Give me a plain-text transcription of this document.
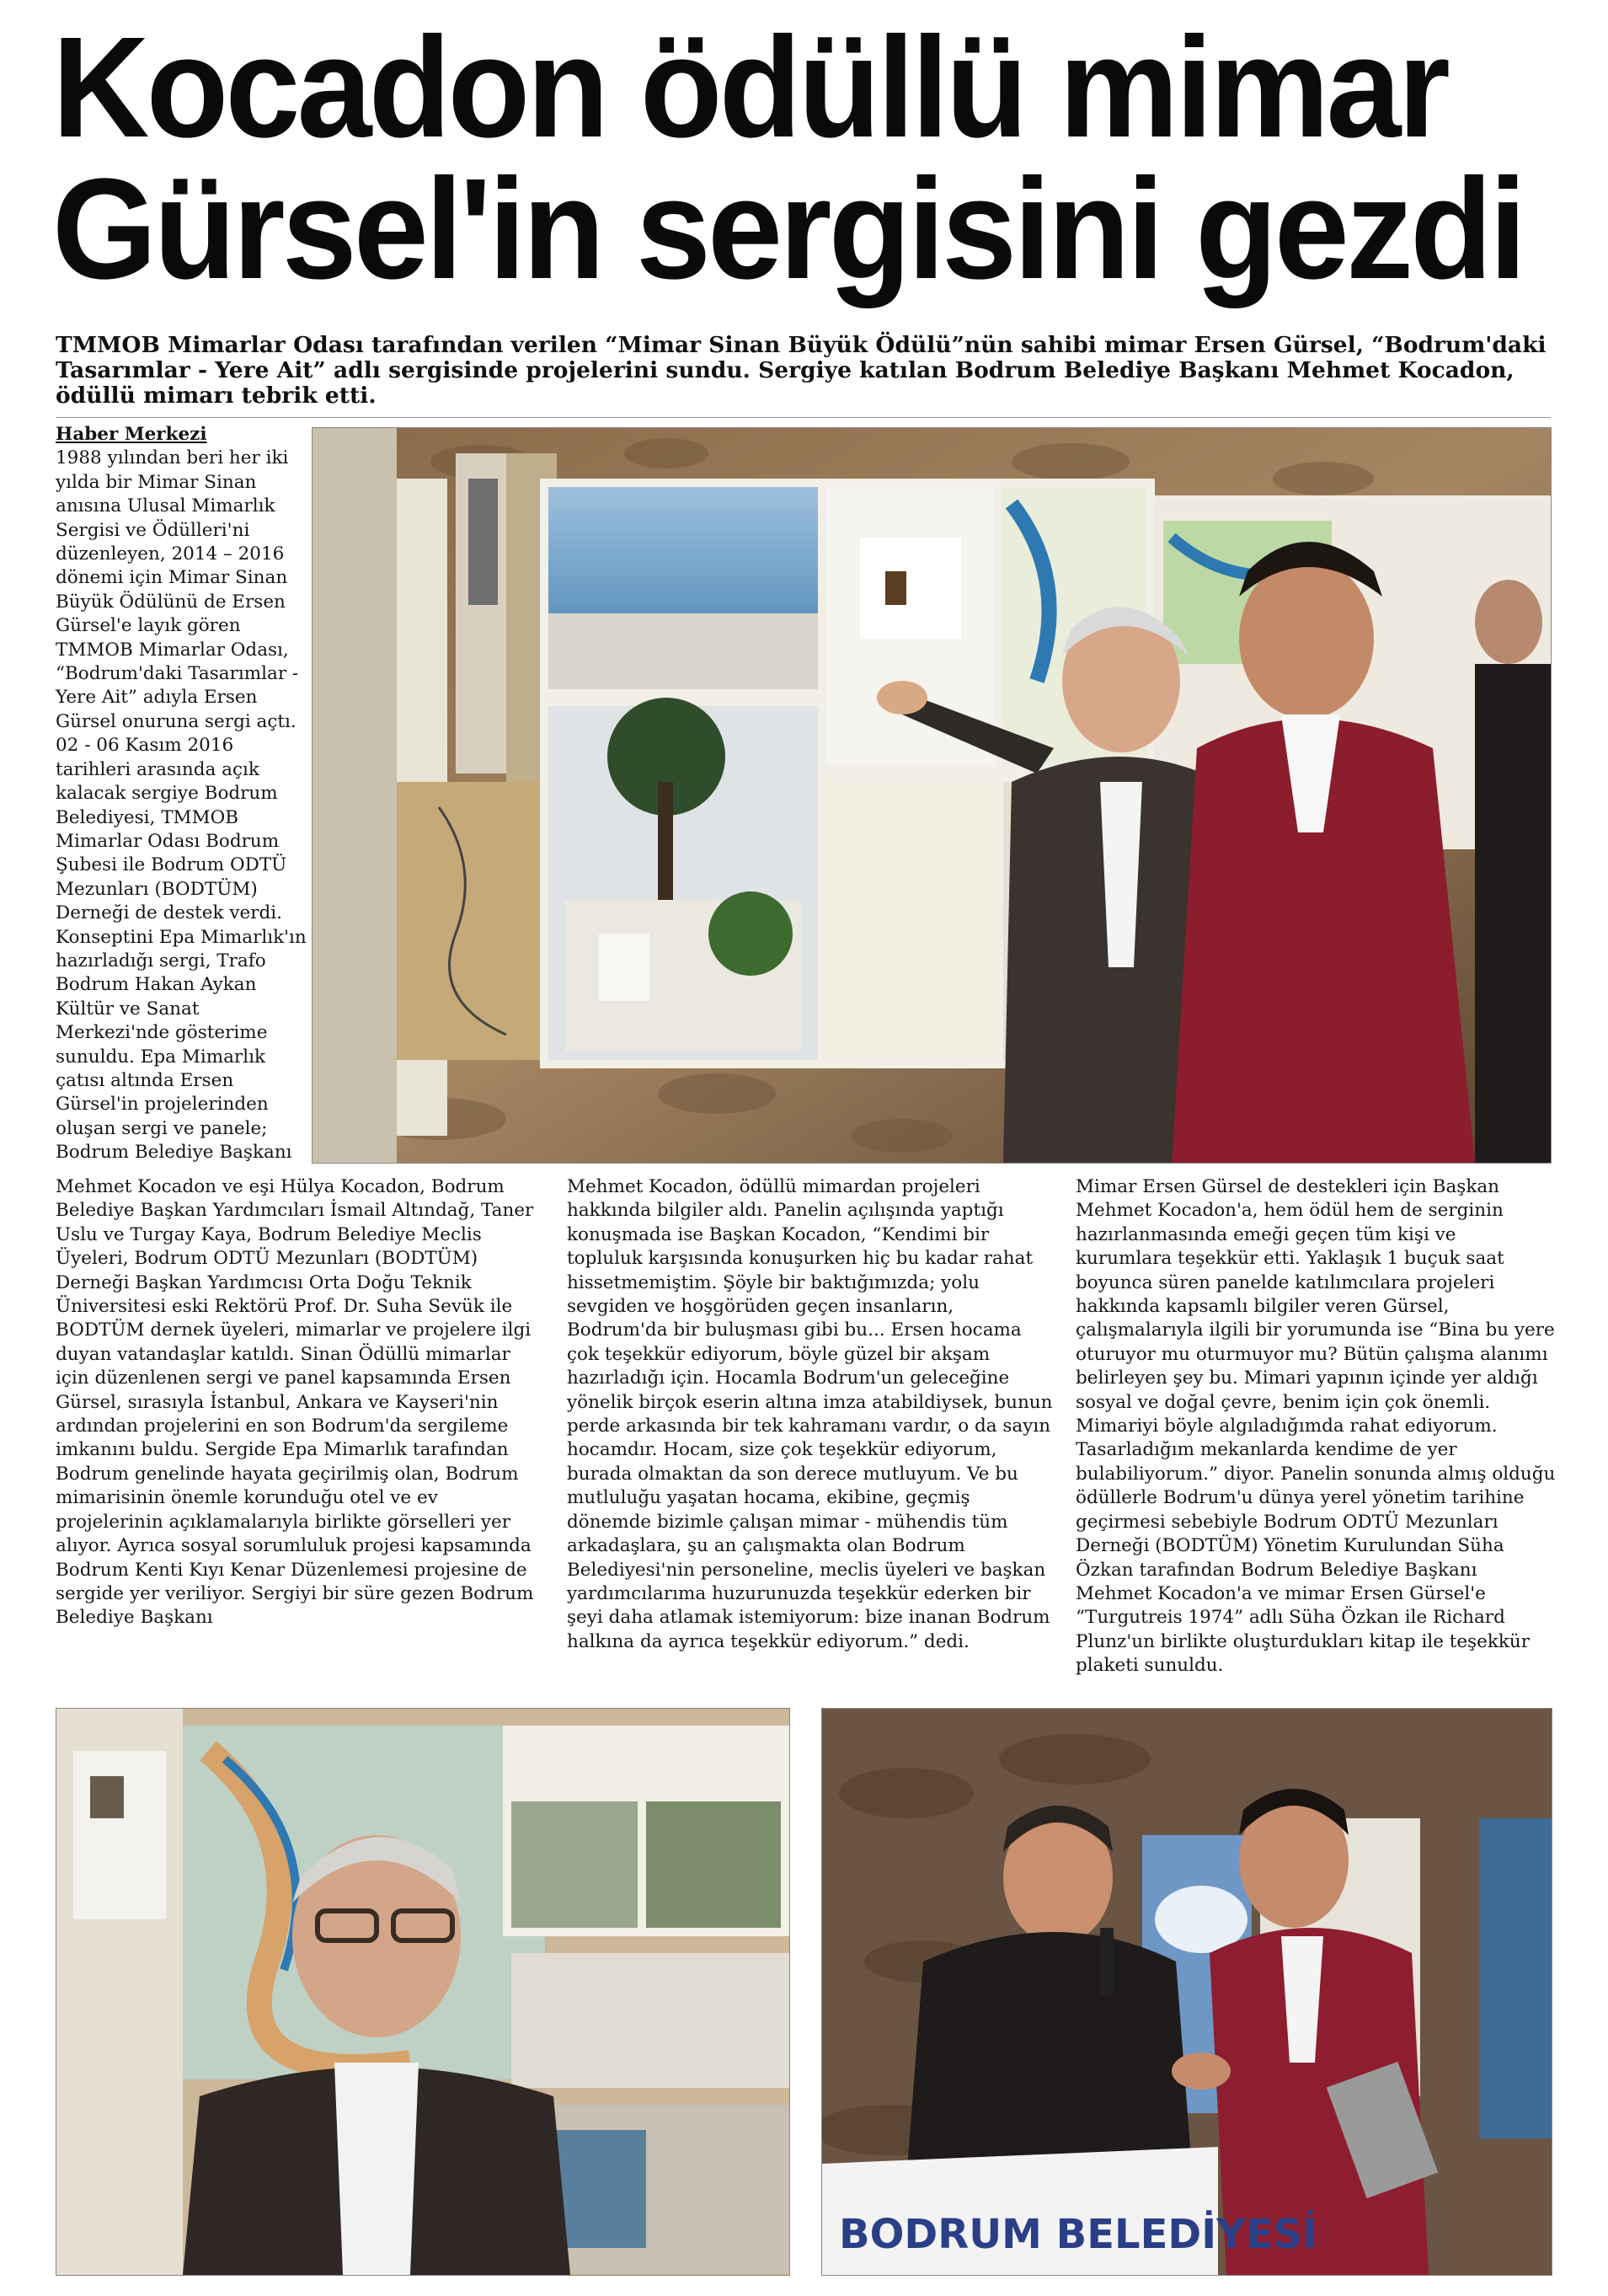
Kocadon ödüllü mimar
Gürsel'in sergisini gezdi

TMMOB Mimarlar Odası tarafından verilen “Mimar Sinan Büyük Ödülü”nün sahibi mimar Ersen Gürsel, “Bodrum'daki Tasarımlar - Yere Ait” adlı sergisinde projelerini sundu. Sergiye katılan Bodrum Belediye Başkanı Mehmet Kocadon, ödüllü mimarı tebrik etti.

Haber Merkezi
1988 yılından beri her iki yılda bir Mimar Sinan anısına Ulusal Mimarlık Sergisi ve Ödülleri'ni düzenleyen, 2014 – 2016 dönemi için Mimar Sinan Büyük Ödülünü de Ersen Gürsel'e layık gören TMMOB Mimarlar Odası, “Bodrum'daki Tasarımlar - Yere Ait” adıyla Ersen Gürsel onuruna sergi açtı. 02 - 06 Kasım 2016 tarihleri arasında açık kalacak sergiye Bodrum Belediyesi, TMMOB Mimarlar Odası Bodrum Şubesi ile Bodrum ODTÜ Mezunları (BODTÜM) Derneği de destek verdi. Konseptini Epa Mimarlık'ın hazırladığı sergi, Trafo Bodrum Hakan Aykan Kültür ve Sanat Merkezi'nde gösterime sunuldu. Epa Mimarlık çatısı altında Ersen Gürsel'in projelerinden oluşan sergi ve panele; Bodrum Belediye Başkanı
Mehmet Kocadon ve eşi Hülya Kocadon, Bodrum Belediye Başkan Yardımcıları İsmail Altındağ, Taner Uslu ve Turgay Kaya, Bodrum Belediye Meclis Üyeleri, Bodrum ODTÜ Mezunları (BODTÜM) Derneği Başkan Yardımcısı Orta Doğu Teknik Üniversitesi eski Rektörü Prof. Dr. Suha Sevük ile BODTÜM dernek üyeleri, mimarlar ve projelere ilgi duyan vatandaşlar katıldı. Sinan Ödüllü mimarlar için düzenlenen sergi ve panel kapsamında Ersen Gürsel, sırasıyla İstanbul, Ankara ve Kayseri'nin ardından projelerini en son Bodrum'da sergileme imkanını buldu. Sergide Epa Mimarlık tarafından Bodrum genelinde hayata geçirilmiş olan, Bodrum mimarisinin önemle korunduğu otel ve ev projelerinin açıklamalarıyla birlikte görselleri yer alıyor. Ayrıca sosyal sorumluluk projesi kapsamında Bodrum Kenti Kıyı Kenar Düzenlemesi projesine de sergide yer veriliyor. Sergiyi bir süre gezen Bodrum Belediye Başkanı
Mehmet Kocadon, ödüllü mimardan projeleri hakkında bilgiler aldı. Panelin açılışında yaptığı konuşmada ise Başkan Kocadon, “Kendimi bir topluluk karşısında konuşurken hiç bu kadar rahat hissetmemiştim. Şöyle bir baktığımızda; yolu sevgiden ve hoşgörüden geçen insanların, Bodrum'da bir buluşması gibi bu... Ersen hocama çok teşekkür ediyorum, böyle güzel bir akşam hazırladığı için. Hocamla Bodrum'un geleceğine yönelik birçok eserin altına imza atabildiysek, bunun perde arkasında bir tek kahramanı vardır, o da sayın hocamdır. Hocam, size çok teşekkür ediyorum, burada olmaktan da son derece mutluyum. Ve bu mutluluğu yaşatan hocama, ekibine, geçmiş dönemde bizimle çalışan mimar - mühendis tüm arkadaşlara, şu an çalışmakta olan Bodrum Belediyesi'nin personeline, meclis üyeleri ve başkan yardımcılarıma huzurunuzda teşekkür ederken bir şeyi daha atlamak istemiyorum: bize inanan Bodrum halkına da ayrıca teşekkür ediyorum.” dedi.
Mimar Ersen Gürsel de destekleri için Başkan Mehmet Kocadon'a, hem ödül hem de serginin hazırlanmasında emeği geçen tüm kişi ve kurumlara teşekkür etti. Yaklaşık 1 buçuk saat boyunca süren panelde katılımcılara projeleri hakkında kapsamlı bilgiler veren Gürsel, çalışmalarıyla ilgili bir yorumunda ise “Bina bu yere oturuyor mu oturmuyor mu? Bütün çalışma alanımı belirleyen şey bu. Mimari yapının içinde yer aldığı sosyal ve doğal çevre, benim için çok önemli. Mimariyi böyle algıladığımda rahat ediyorum. Tasarladığım mekanlarda kendime de yer bulabiliyorum.” diyor. Panelin sonunda almış olduğu ödüllerle Bodrum'u dünya yerel yönetim tarihine geçirmesi sebebiyle Bodrum ODTÜ Mezunları Derneği (BODTÜM) Yönetim Kurulundan Süha Özkan tarafından Bodrum Belediye Başkanı Mehmet Kocadon'a ve mimar Ersen Gürsel'e “Turgutreis 1974” adlı Süha Özkan ile Richard Plunz'un birlikte oluşturdukları kitap ile teşekkür plaketi sunuldu.
BODRUM BELEDİYESİ
